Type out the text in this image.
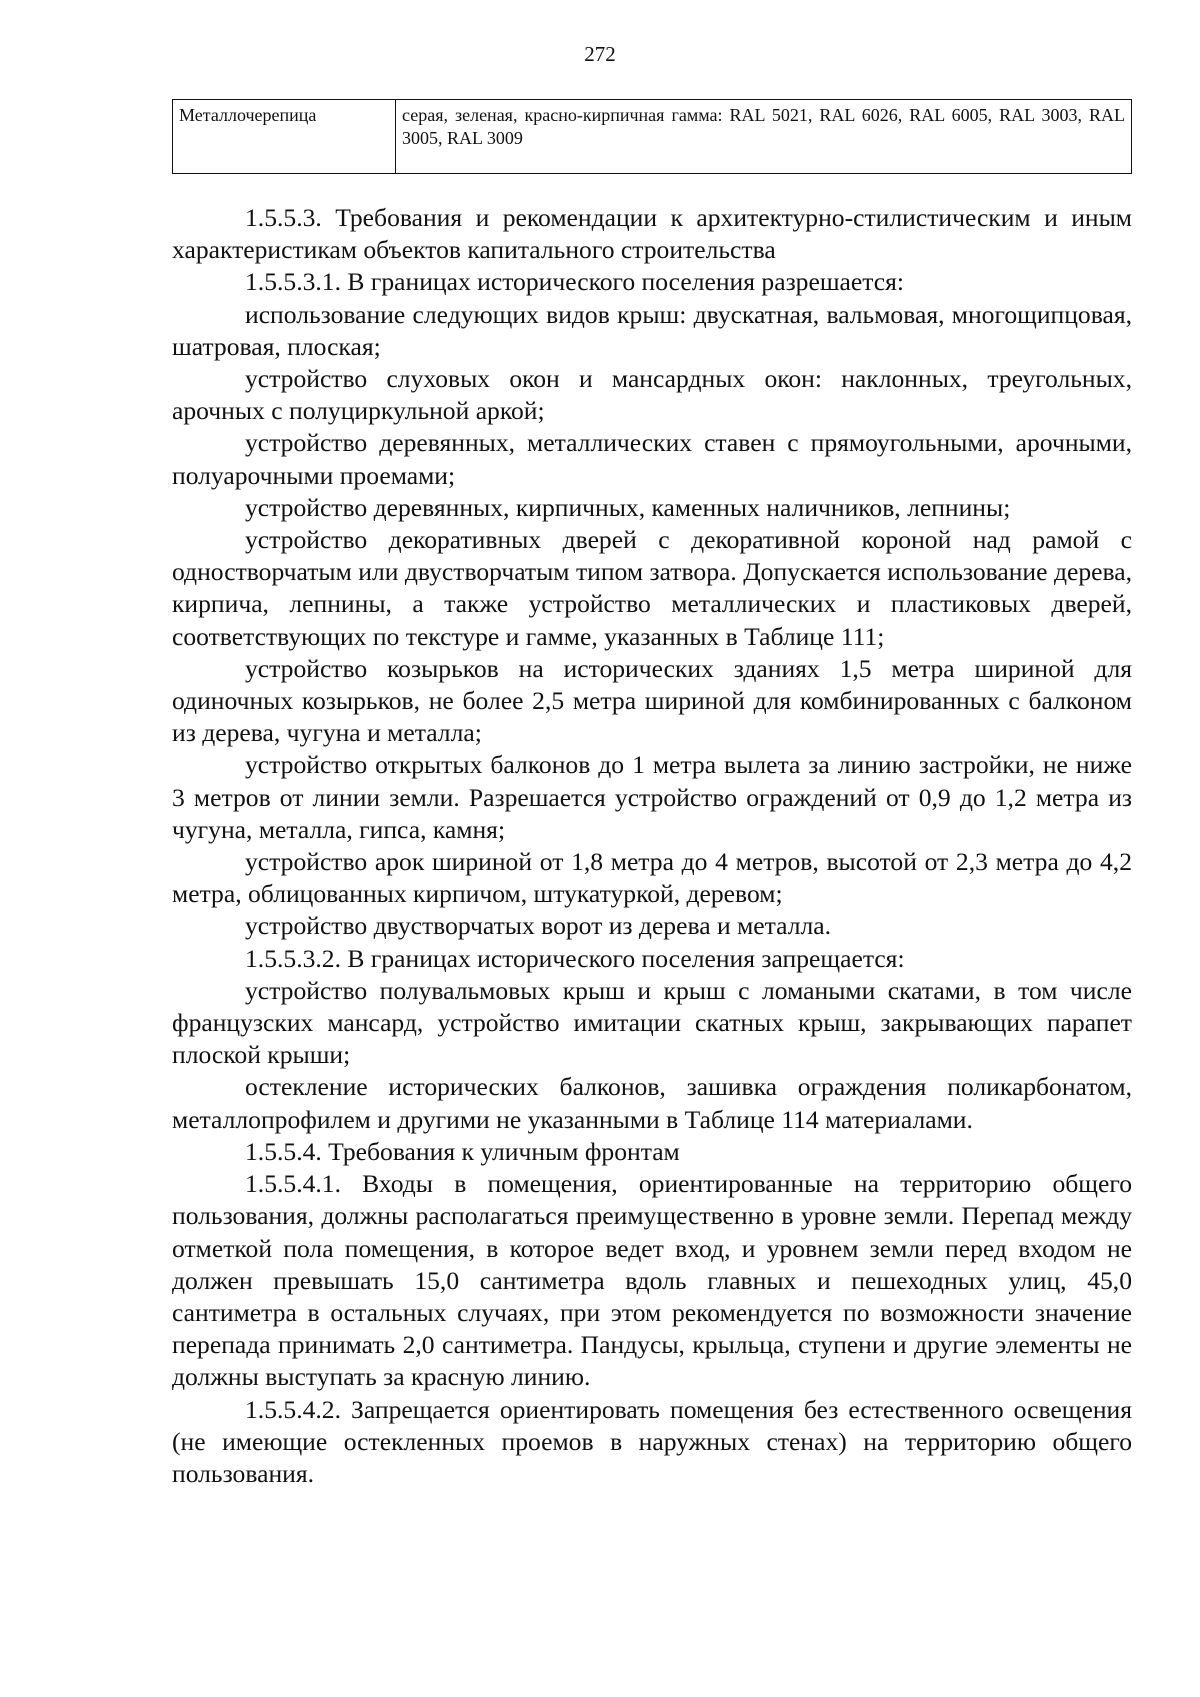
272
Металлочерепица	серая, зеленая, красно-кирпичная гамма: RAL 5021, RAL 6026, RAL 6005, RAL 3003, RAL 3005, RAL 3009

1.5.5.3. Требования и рекомендации к архитектурно-стилистическим и иным характеристикам объектов капитального строительства

1.5.5.3.1. В границах исторического поселения разрешается:

использование следующих видов крыш: двускатная, вальмовая, многощипцовая, шатровая, плоская;

устройство слуховых окон и мансардных окон: наклонных, треугольных, арочных с полуциркульной аркой;

устройство деревянных, металлических ставен с прямоугольными, арочными, полуарочными проемами;

устройство деревянных, кирпичных, каменных наличников, лепнины;

устройство декоративных дверей с декоративной короной над рамой с одностворчатым или двустворчатым типом затвора. Допускается использование дерева, кирпича, лепнины, а также устройство металлических и пластиковых дверей, соответствующих по текстуре и гамме, указанных в Таблице 111;

устройство козырьков на исторических зданиях 1,5 метра шириной для одиночных козырьков, не более 2,5 метра шириной для комбинированных с балконом из дерева, чугуна и металла;

устройство открытых балконов до 1 метра вылета за линию застройки, не ниже 3 метров от линии земли. Разрешается устройство ограждений от 0,9 до 1,2 метра из чугуна, металла, гипса, камня;

устройство арок шириной от 1,8 метра до 4 метров, высотой от 2,3 метра до 4,2 метра, облицованных кирпичом, штукатуркой, деревом;

устройство двустворчатых ворот из дерева и металла.

1.5.5.3.2. В границах исторического поселения запрещается:

устройство полувальмовых крыш и крыш с ломаными скатами, в том числе французских мансард, устройство имитации скатных крыш, закрывающих парапет плоской крыши;

остекление исторических балконов, зашивка ограждения поликарбонатом, металлопрофилем и другими не указанными в Таблице 114 материалами.

1.5.5.4. Требования к уличным фронтам

1.5.5.4.1. Входы в помещения, ориентированные на территорию общего пользования, должны располагаться преимущественно в уровне земли. Перепад между отметкой пола помещения, в которое ведет вход, и уровнем земли перед входом не должен превышать 15,0 сантиметра вдоль главных и пешеходных улиц, 45,0 сантиметра в остальных случаях, при этом рекомендуется по возможности значение перепада принимать 2,0 сантиметра. Пандусы, крыльца, ступени и другие элементы не должны выступать за красную линию.

1.5.5.4.2. Запрещается ориентировать помещения без естественного освещения (не имеющие остекленных проемов в наружных стенах) на территорию общего пользования.
